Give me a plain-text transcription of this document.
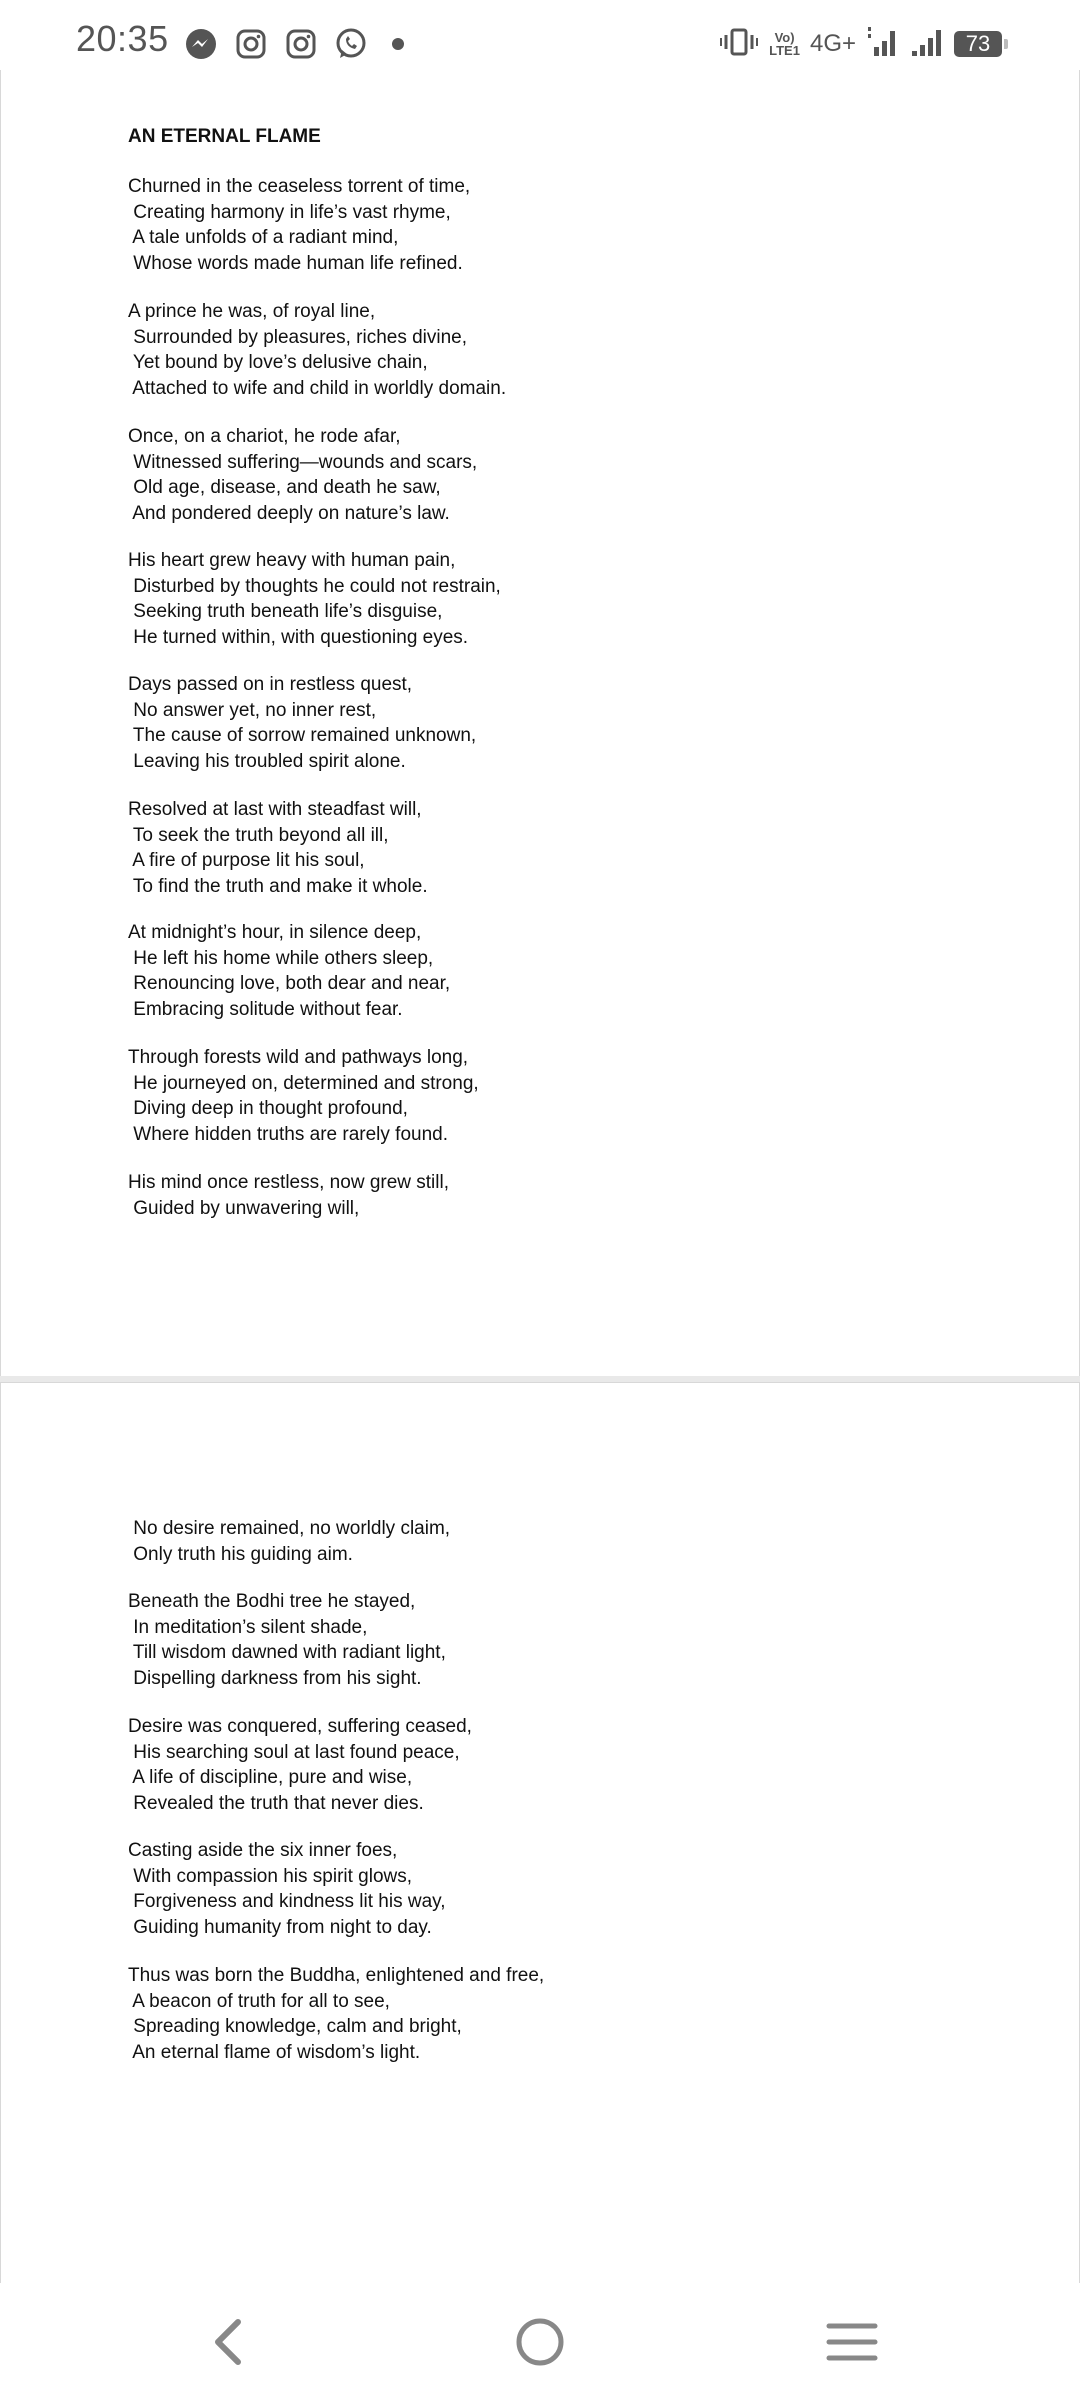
20:35	Vo)
LTE1 4G+	73
AN ETERNAL FLAME
Churned in the ceaseless torrent of time,
Creating harmony in life’s vast rhyme,
A tale unfolds of a radiant mind,
Whose words made human life refined.
A prince he was, of royal line,
Surrounded by pleasures, riches divine,
Yet bound by love’s delusive chain,
Attached to wife and child in worldly domain.
Once, on a chariot, he rode afar,
Witnessed suffering—wounds and scars,
Old age, disease, and death he saw,
And pondered deeply on nature’s law.
His heart grew heavy with human pain,
Disturbed by thoughts he could not restrain,
Seeking truth beneath life’s disguise,
He turned within, with questioning eyes.
Days passed on in restless quest,
No answer yet, no inner rest,
The cause of sorrow remained unknown,
Leaving his troubled spirit alone.
Resolved at last with steadfast will,
To seek the truth beyond all ill,
A fire of purpose lit his soul,
To find the truth and make it whole.
At midnight’s hour, in silence deep,
He left his home while others sleep,
Renouncing love, both dear and near,
Embracing solitude without fear.
Through forests wild and pathways long,
He journeyed on, determined and strong,
Diving deep in thought profound,
Where hidden truths are rarely found.
His mind once restless, now grew still,
Guided by unwavering will,
No desire remained, no worldly claim,
Only truth his guiding aim.
Beneath the Bodhi tree he stayed,
In meditation’s silent shade,
Till wisdom dawned with radiant light,
Dispelling darkness from his sight.
Desire was conquered, suffering ceased,
His searching soul at last found peace,
A life of discipline, pure and wise,
Revealed the truth that never dies.
Casting aside the six inner foes,
With compassion his spirit glows,
Forgiveness and kindness lit his way,
Guiding humanity from night to day.
Thus was born the Buddha, enlightened and free,
A beacon of truth for all to see,
Spreading knowledge, calm and bright,
An eternal flame of wisdom’s light.
